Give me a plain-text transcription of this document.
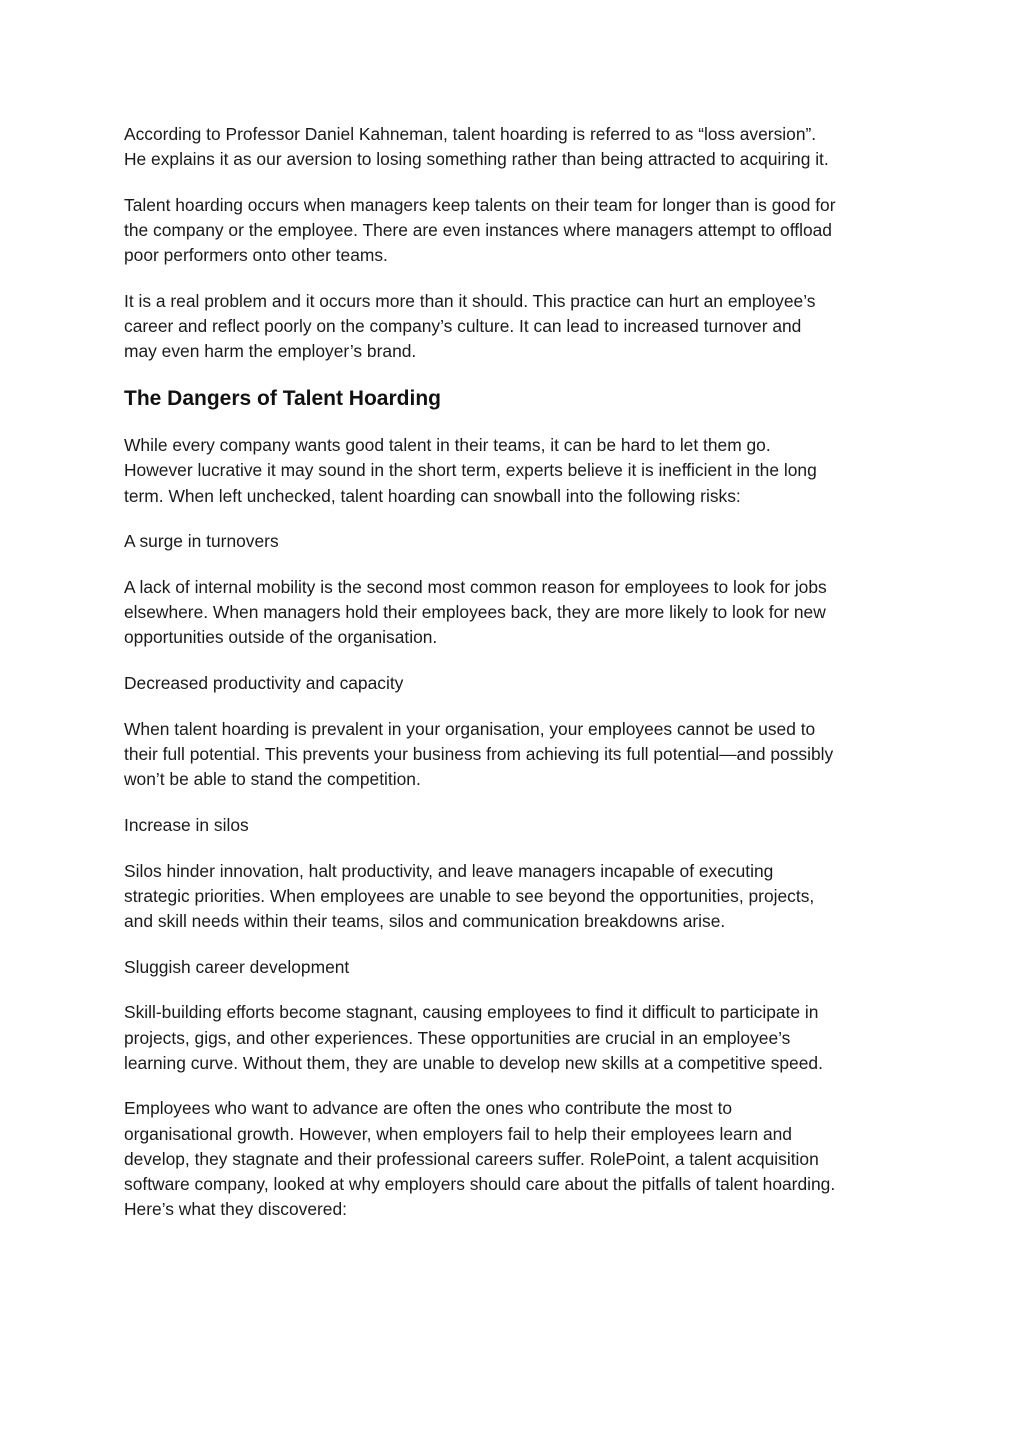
According to Professor Daniel Kahneman, talent hoarding is referred to as “loss aversion”.
He explains it as our aversion to losing something rather than being attracted to acquiring it.

Talent hoarding occurs when managers keep talents on their team for longer than is good for
the company or the employee. There are even instances where managers attempt to offload
poor performers onto other teams.

It is a real problem and it occurs more than it should. This practice can hurt an employee’s
career and reflect poorly on the company’s culture. It can lead to increased turnover and
may even harm the employer’s brand.

The Dangers of Talent Hoarding

While every company wants good talent in their teams, it can be hard to let them go.
However lucrative it may sound in the short term, experts believe it is inefficient in the long
term. When left unchecked, talent hoarding can snowball into the following risks:

A surge in turnovers

A lack of internal mobility is the second most common reason for employees to look for jobs
elsewhere. When managers hold their employees back, they are more likely to look for new
opportunities outside of the organisation.

Decreased productivity and capacity

When talent hoarding is prevalent in your organisation, your employees cannot be used to
their full potential. This prevents your business from achieving its full potential—and possibly
won’t be able to stand the competition.

Increase in silos

Silos hinder innovation, halt productivity, and leave managers incapable of executing
strategic priorities. When employees are unable to see beyond the opportunities, projects,
and skill needs within their teams, silos and communication breakdowns arise.

Sluggish career development

Skill-building efforts become stagnant, causing employees to find it difficult to participate in
projects, gigs, and other experiences. These opportunities are crucial in an employee’s
learning curve. Without them, they are unable to develop new skills at a competitive speed.

Employees who want to advance are often the ones who contribute the most to
organisational growth. However, when employers fail to help their employees learn and
develop, they stagnate and their professional careers suffer. RolePoint, a talent acquisition
software company, looked at why employers should care about the pitfalls of talent hoarding.
Here’s what they discovered:
